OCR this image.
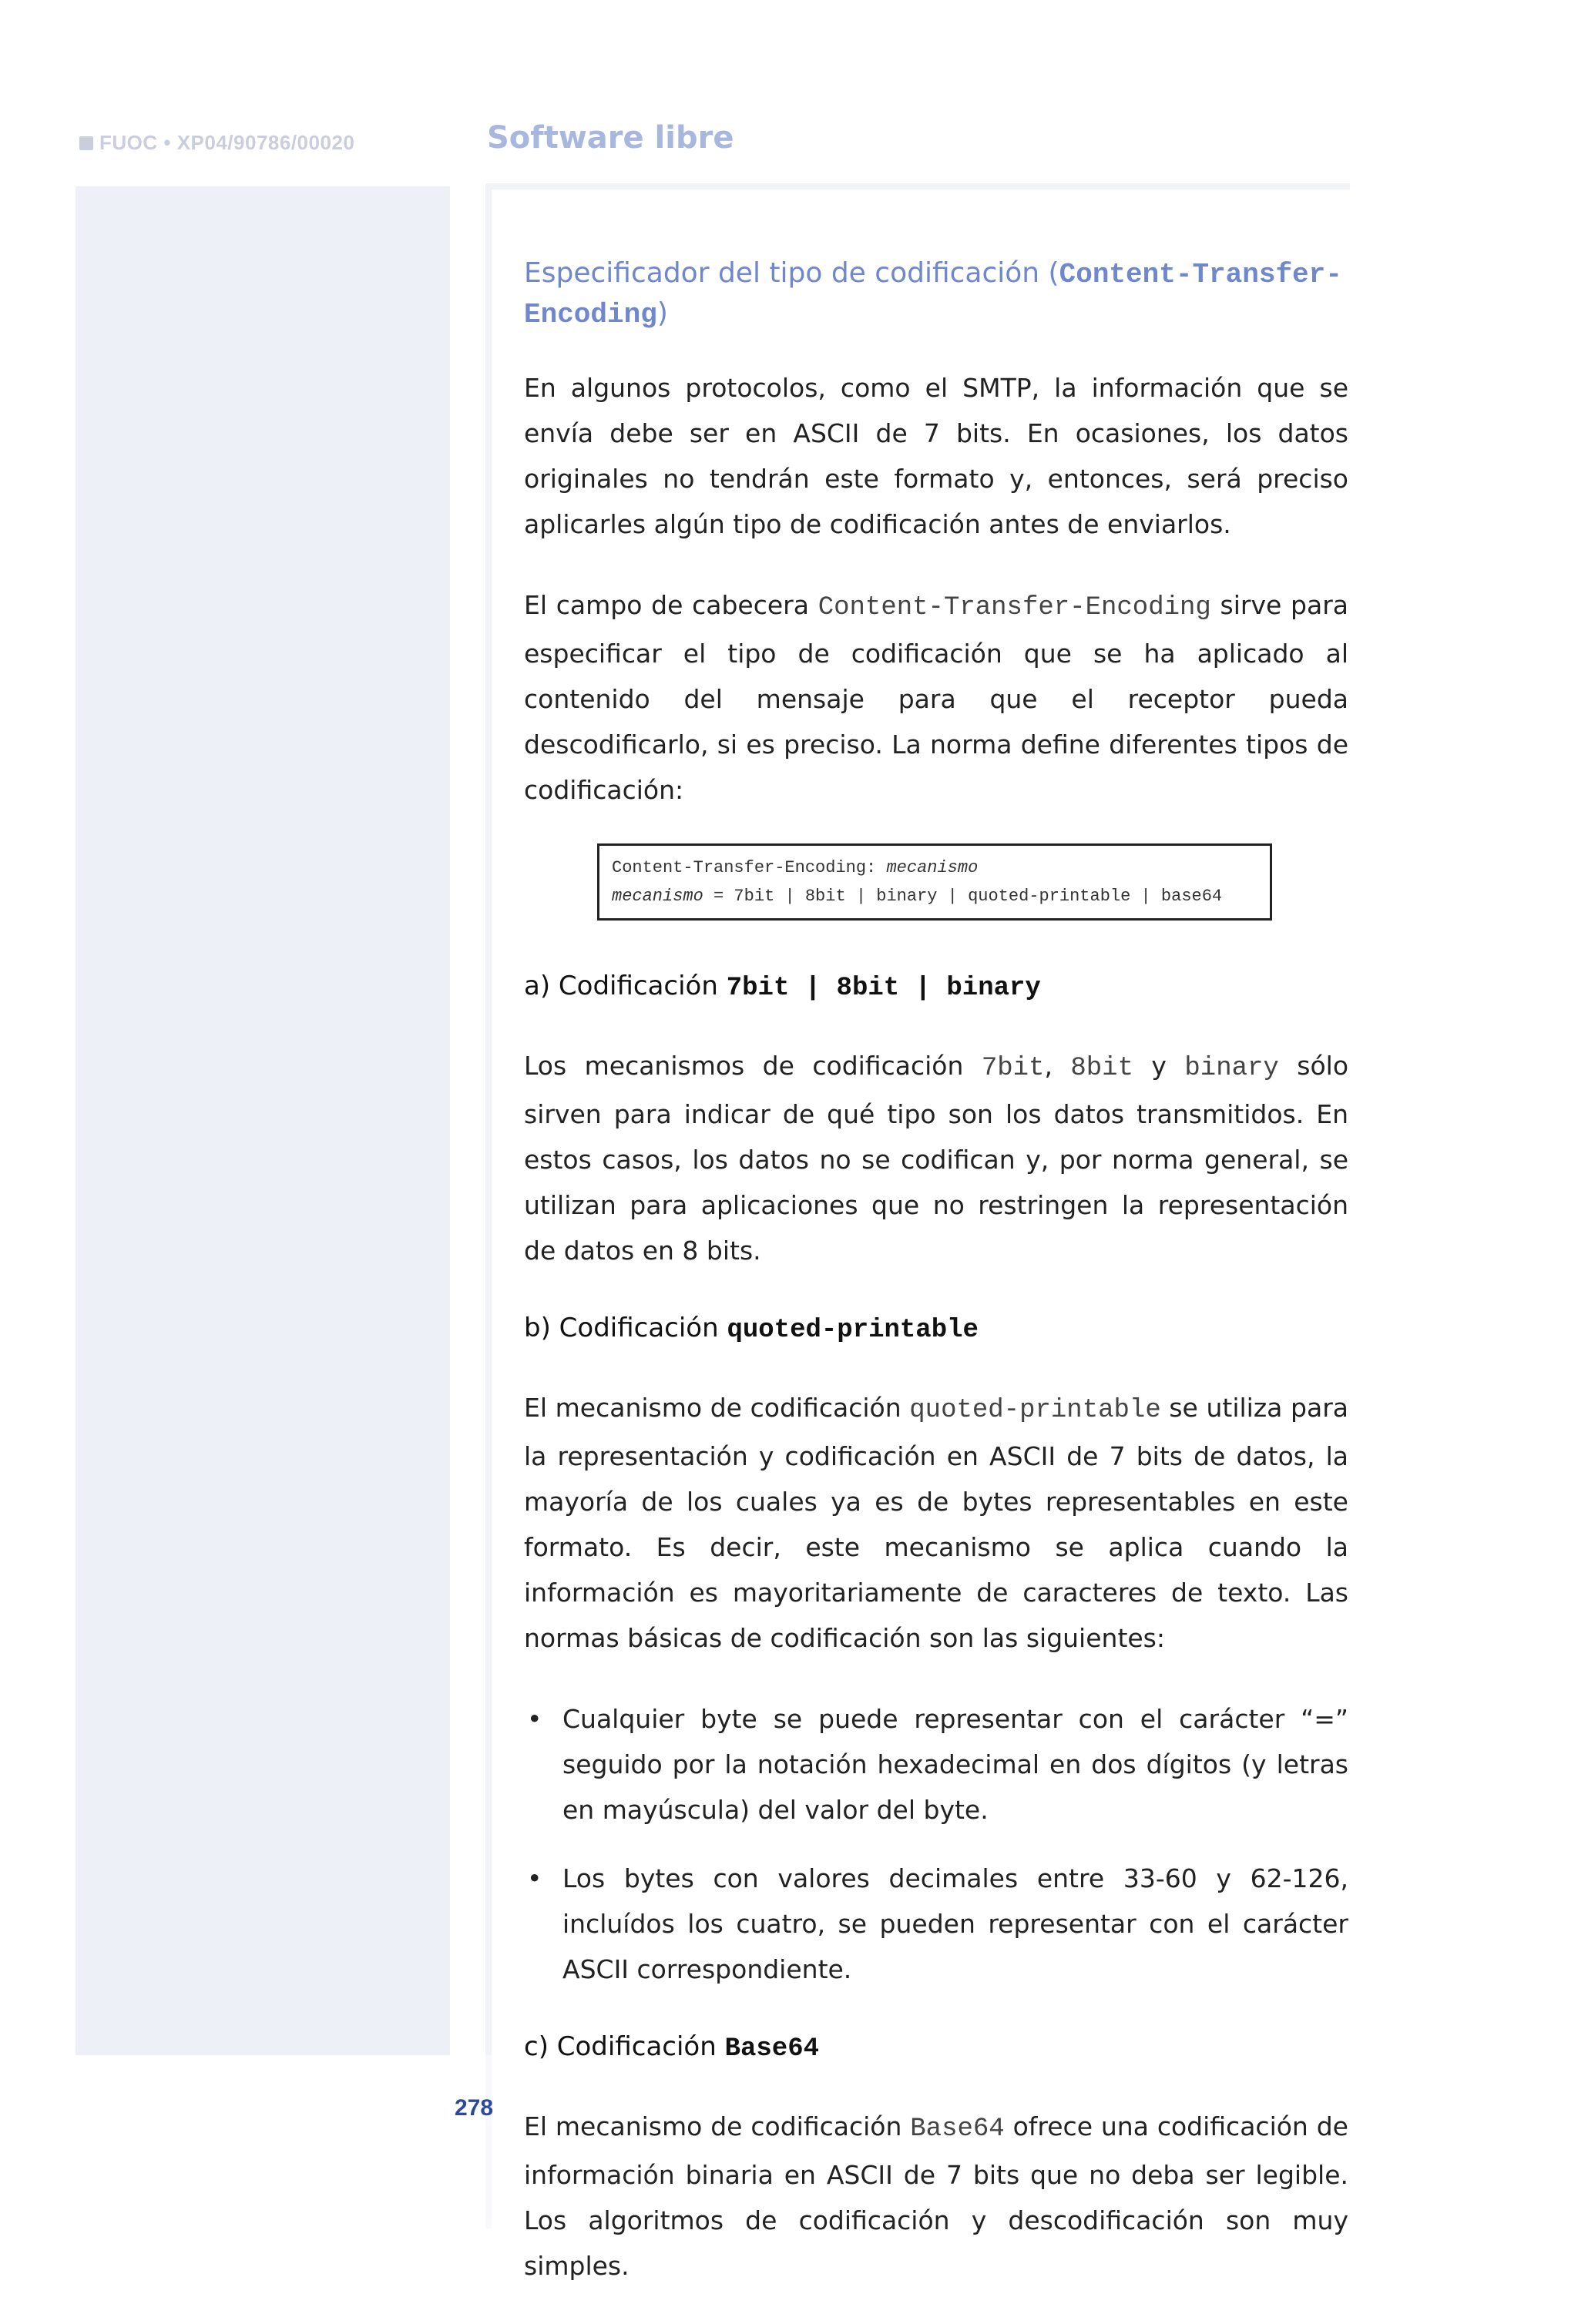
FUOC • XP04/90786/00020	Software libre
ANOTACIONES
Especificador del tipo de codificación (Content-Transfer-Encoding)

En algunos protocolos, como el SMTP, la información que se envía debe ser en ASCII de 7 bits. En ocasiones, los datos originales no tendrán este formato y, entonces, será preciso aplicarles algún tipo de codificación antes de enviarlos.

El campo de cabecera Content-Transfer-Encoding sirve para especificar el tipo de codificación que se ha aplicado al contenido del mensaje para que el receptor pueda descodificarlo, si es preciso. La norma define diferentes tipos de codificación:

Content-Transfer-Encoding: mecanismo
mecanismo = 7bit | 8bit | binary | quoted-printable | base64
a) Codificación 7bit | 8bit | binary

Los mecanismos de codificación 7bit, 8bit y binary sólo sirven para indicar de qué tipo son los datos transmitidos. En estos casos, los datos no se codifican y, por norma general, se utilizan para aplicaciones que no restringen la representación de datos en 8 bits.

b) Codificación quoted-printable

El mecanismo de codificación quoted-printable se utiliza para la representación y codificación en ASCII de 7 bits de datos, la mayoría de los cuales ya es de bytes representables en este formato. Es decir, este mecanismo se aplica cuando la información es mayoritariamente de caracteres de texto. Las normas básicas de codificación son las siguientes:

• Cualquier byte se puede representar con el carácter “=” seguido por la notación hexadecimal en dos dígitos (y letras en mayúscula) del valor del byte.
• Los bytes con valores decimales entre 33-60 y 62-126, incluídos los cuatro, se pueden representar con el carácter ASCII correspondiente.
c) Codificación Base64

El mecanismo de codificación Base64 ofrece una codificación de información binaria en ASCII de 7 bits que no deba ser legible. Los algoritmos de codificación y descodificación son muy simples.

278
